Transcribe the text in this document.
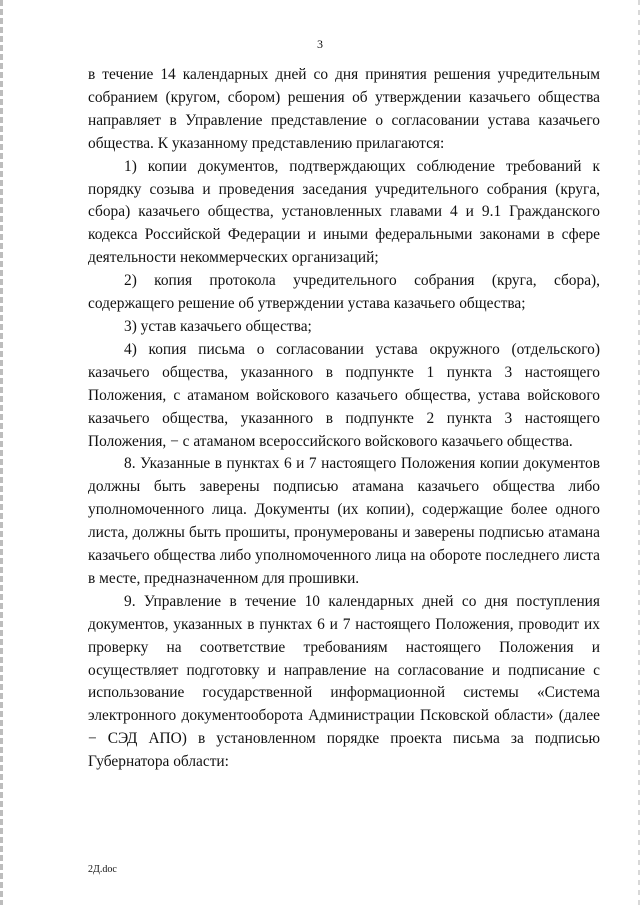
3

в течение 14 календарных дней со дня принятия решения учредительным собранием (кругом, сбором) решения об утверждении казачьего общества направляет в Управление представление о согласовании устава казачьего общества. К указанному представлению прилагаются:

1) копии документов, подтверждающих соблюдение требований к порядку созыва и проведения заседания учредительного собрания (круга, сбора) казачьего общества, установленных главами 4 и 9.1 Гражданского кодекса Российской Федерации и иными федеральными законами в сфере деятельности некоммерческих организаций;

2) копия протокола учредительного собрания (круга, сбора), содержащего решение об утверждении устава казачьего общества;

3) устав казачьего общества;

4) копия письма о согласовании устава окружного (отдельского) казачьего общества, указанного в подпункте 1 пункта 3 настоящего Положения, с атаманом войскового казачьего общества, устава войскового казачьего общества, указанного в подпункте 2 пункта 3 настоящего Положения, − с атаманом всероссийского войскового казачьего общества.

8. Указанные в пунктах 6 и 7 настоящего Положения копии документов должны быть заверены подписью атамана казачьего общества либо уполномоченного лица. Документы (их копии), содержащие более одного листа, должны быть прошиты, пронумерованы и заверены подписью атамана казачьего общества либо уполномоченного лица на обороте последнего листа в месте, предназначенном для прошивки.

9. Управление в течение 10 календарных дней со дня поступления документов, указанных в пунктах 6 и 7 настоящего Положения, проводит их проверку на соответствие требованиям настоящего Положения и осуществляет подготовку и направление на согласование и подписание с использование государственной информационной системы «Система электронного документооборота Администрации Псковской области» (далее − СЭД АПО) в установленном порядке проекта письма за подписью Губернатора области:

2Д.doc
